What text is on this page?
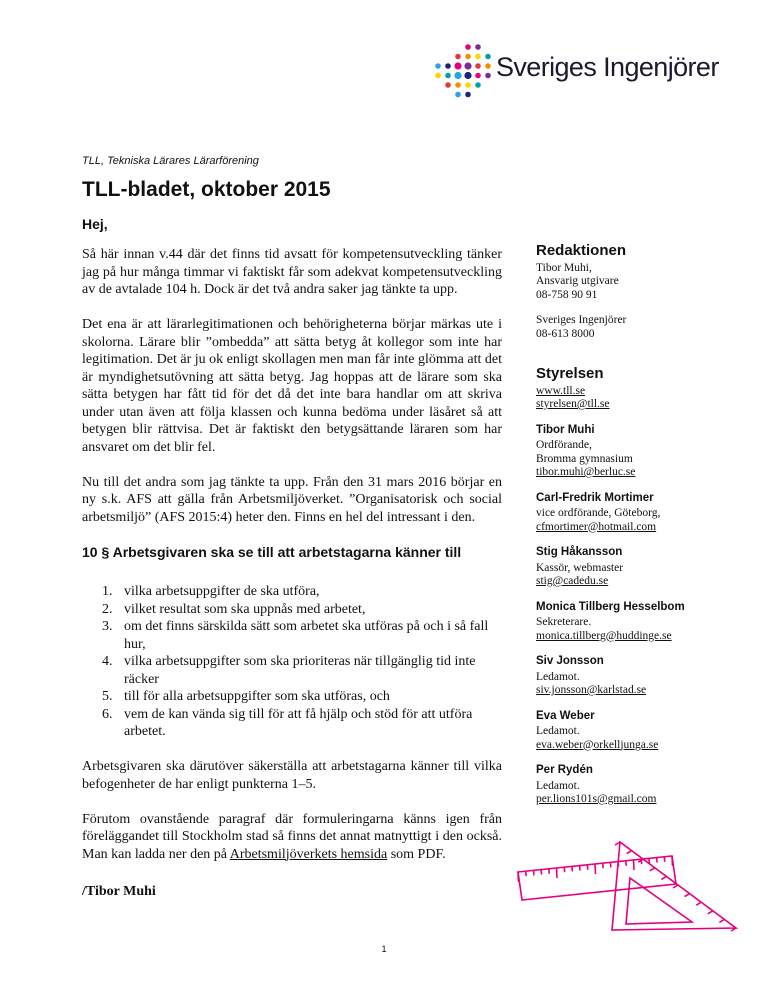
Sveriges Ingenjörer
TLL, Tekniska Lärares Lärarförening
TLL-bladet, oktober 2015
Hej,

Så här innan v.44 där det finns tid avsatt för kompetensutveckling tänker jag på hur många timmar vi faktiskt får som adekvat kompetensutveckling av de avtalade 104 h. Dock är det två andra saker jag tänkte ta upp.

Det ena är att lärarlegitimationen och behörigheterna börjar märkas ute i skolorna. Lärare blir ”ombedda” att sätta betyg åt kollegor som inte har legitimation. Det är ju ok enligt skollagen men man får inte glömma att det är myndighetsutövning att sätta betyg. Jag hoppas att de lärare som ska sätta betygen har fått tid för det då det inte bara handlar om att skriva under utan även att följa klassen och kunna bedöma under läsåret så att betygen blir rättvisa. Det är faktiskt den betygsättande läraren som har ansvaret om det blir fel.

Nu till det andra som jag tänkte ta upp. Från den 31 mars 2016 börjar en ny s.k. AFS att gälla från Arbetsmiljöverket. ”Organisatorisk och social arbetsmiljö” (AFS 2015:4) heter den. Finns en hel del intressant i den.

10 § Arbetsgivaren ska se till att arbetstagarna känner till
1. vilka arbetsuppgifter de ska utföra,
2. vilket resultat som ska uppnås med arbetet,
3. om det finns särskilda sätt som arbetet ska utföras på och i så fall hur,
4. vilka arbetsuppgifter som ska prioriteras när tillgänglig tid inte räcker
5. till för alla arbetsuppgifter som ska utföras, och
6. vem de kan vända sig till för att få hjälp och stöd för att utföra arbetet.

Arbetsgivaren ska därutöver säkerställa att arbetstagarna känner till vilka befogenheter de har enligt punkterna 1–5.

Förutom ovanstående paragraf där formuleringarna känns igen från föreläggandet till Stockholm stad så finns det annat matnyttigt i den också. Man kan ladda ner den på Arbetsmiljöverkets hemsida som PDF.

/Tibor Muhi
Redaktionen
Tibor Muhi,
Ansvarig utgivare
08-758 90 91
Sveriges Ingenjörer
08-613 8000
Styrelsen
www.tll.se
styrelsen@tll.se
Tibor Muhi
Ordförande,
Bromma gymnasium
tibor.muhi@berluc.se
Carl-Fredrik Mortimer
vice ordförande, Göteborg,
cfmortimer@hotmail.com
Stig Håkansson
Kassör, webmaster
stig@cadedu.se
Monica Tillberg Hesselbom
Sekreterare.
monica.tillberg@huddinge.se
Siv Jonsson
Ledamot.
siv.jonsson@karlstad.se
Eva Weber
Ledamot.
eva.weber@orkelljunga.se
Per Rydén
Ledamot.
per.lions101s@gmail.com
1
